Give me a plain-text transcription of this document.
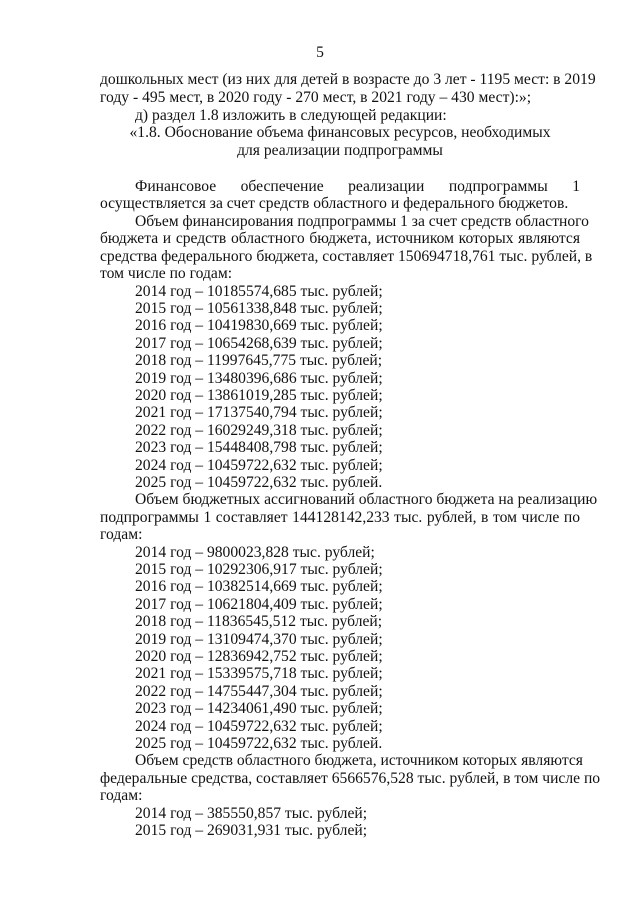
5
дошкольных мест (из них для детей в возрасте до 3 лет - 1195 мест: в 2019
году - 495 мест, в 2020 году - 270 мест, в 2021 году – 430 мест):»;
д) раздел 1.8 изложить в следующей редакции:
«1.8. Обоснование объема финансовых ресурсов, необходимых
для реализации подпрограммы
Финансовое обеспечение реализации подпрограммы 1
осуществляется за счет средств областного и федерального бюджетов.
Объем финансирования подпрограммы 1 за счет средств областного
бюджета и средств областного бюджета, источником которых являются
средства федерального бюджета, составляет 150694718,761 тыс. рублей, в
том числе по годам:
2014 год – 10185574,685 тыс. рублей;
2015 год – 10561338,848 тыс. рублей;
2016 год – 10419830,669 тыс. рублей;
2017 год – 10654268,639 тыс. рублей;
2018 год – 11997645,775 тыс. рублей;
2019 год – 13480396,686 тыс. рублей;
2020 год – 13861019,285 тыс. рублей;
2021 год – 17137540,794 тыс. рублей;
2022 год – 16029249,318 тыс. рублей;
2023 год – 15448408,798 тыс. рублей;
2024 год – 10459722,632 тыс. рублей;
2025 год – 10459722,632 тыс. рублей.
Объем бюджетных ассигнований областного бюджета на реализацию
подпрограммы 1 составляет 144128142,233 тыс. рублей, в том числе по
годам:
2014 год – 9800023,828 тыс. рублей;
2015 год – 10292306,917 тыс. рублей;
2016 год – 10382514,669 тыс. рублей;
2017 год – 10621804,409 тыс. рублей;
2018 год – 11836545,512 тыс. рублей;
2019 год – 13109474,370 тыс. рублей;
2020 год – 12836942,752 тыс. рублей;
2021 год – 15339575,718 тыс. рублей;
2022 год – 14755447,304 тыс. рублей;
2023 год – 14234061,490 тыс. рублей;
2024 год – 10459722,632 тыс. рублей;
2025 год – 10459722,632 тыс. рублей.
Объем средств областного бюджета, источником которых являются
федеральные средства, составляет 6566576,528 тыс. рублей, в том числе по
годам:
2014 год – 385550,857 тыс. рублей;
2015 год – 269031,931 тыс. рублей;
